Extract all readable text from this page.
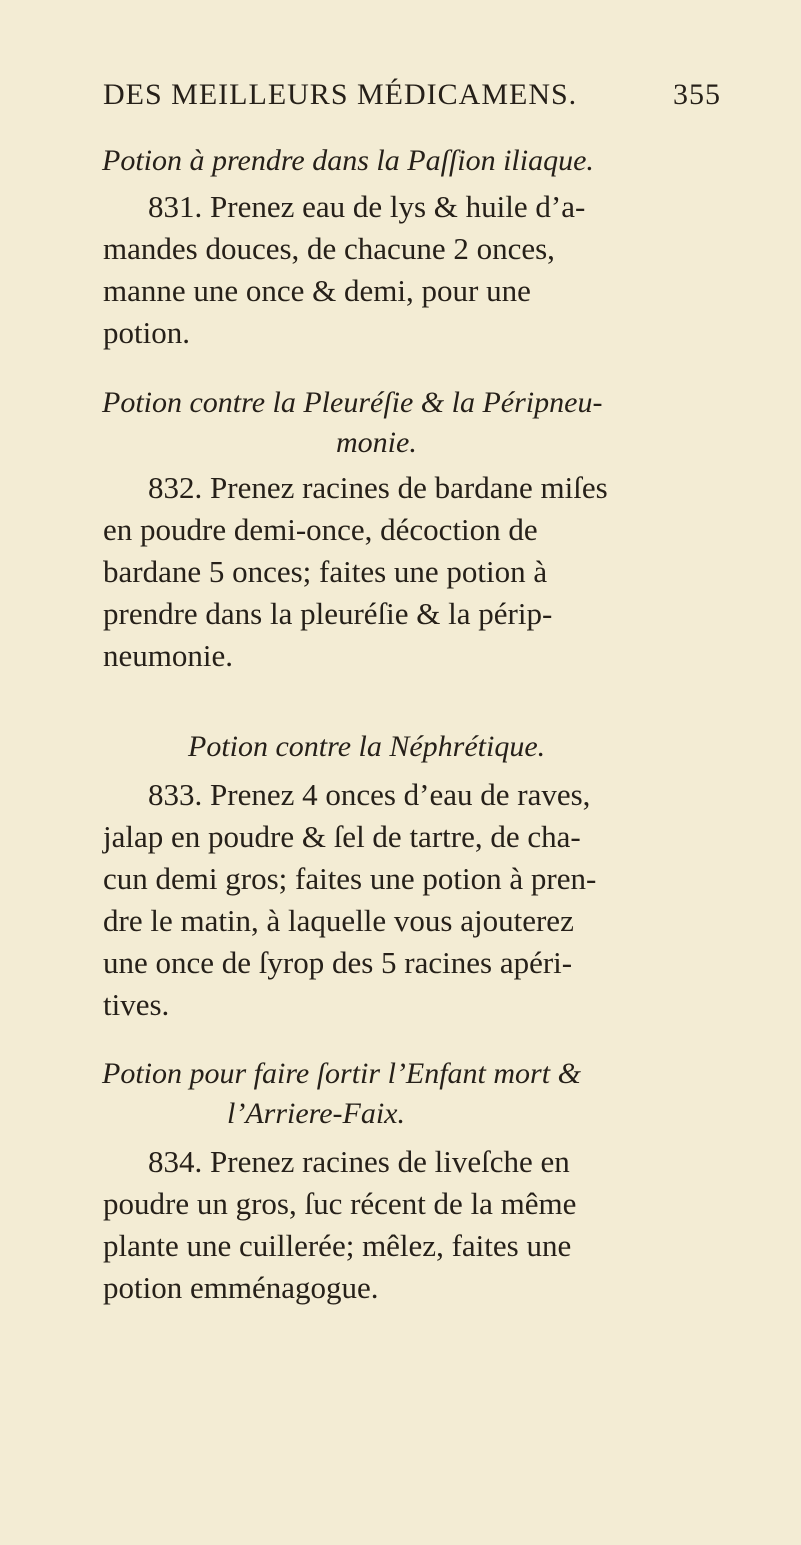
DES MEILLEURS MÉDICAMENS.	355
Potion à prendre dans la Paſſion iliaque.
831. Prenez eau de lys & huile d’a-
mandes douces, de chacune 2 onces,
manne une once & demi, pour une
potion.
Potion contre la Pleuréſie & la Péripneu-
monie.
832. Prenez racines de bardane miſes
en poudre demi-once, décoction de
bardane 5 onces; faites une potion à
prendre dans la pleuréſie & la périp-
neumonie.
Potion contre la Néphrétique.
833. Prenez 4 onces d’eau de raves,
jalap en poudre & ſel de tartre, de cha-
cun demi gros; faites une potion à pren-
dre le matin, à laquelle vous ajouterez
une once de ſyrop des 5 racines apéri-
tives.
Potion pour faire ſortir l’Enfant mort &
l’Arriere-Faix.
834. Prenez racines de liveſche en
poudre un gros, ſuc récent de la même
plante une cuillerée; mêlez, faites une
potion emménagogue.
